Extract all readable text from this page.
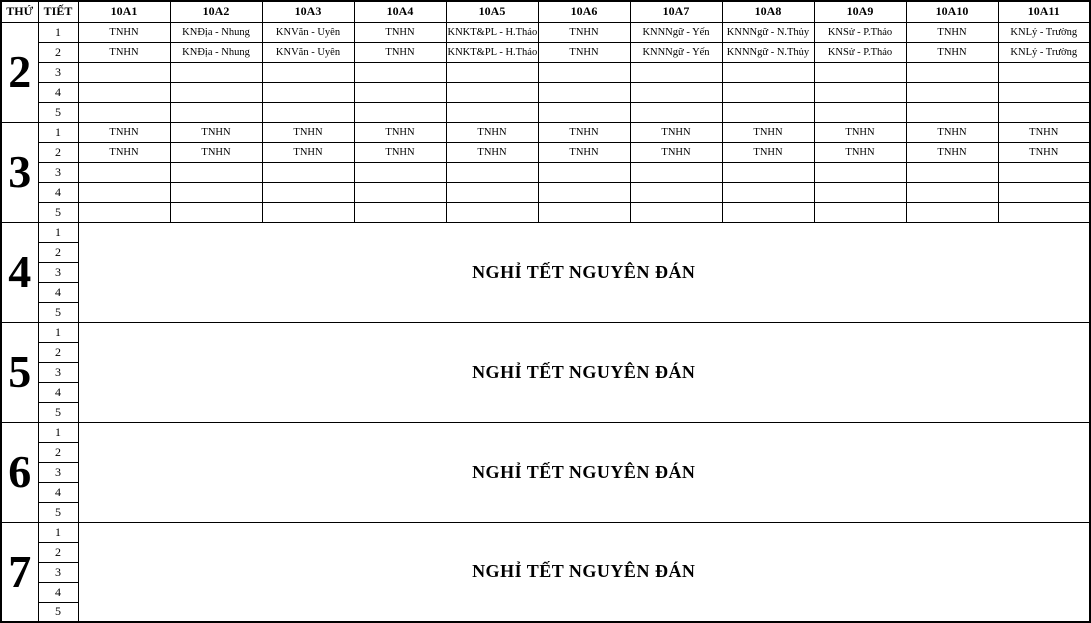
THỨ	TIẾT	10A1	10A2	10A3	10A4	10A5	10A6	10A7	10A8	10A9	10A10	10A11
2	1	TNHN	KNĐịa - Nhung	KNVăn - Uyên	TNHN	KNKT&PL - H.Thảo	TNHN	KNNNgữ - Yến	KNNNgữ - N.Thủy	KNSử - P.Thảo	TNHN	KNLý - Trường
	2	TNHN	KNĐịa - Nhung	KNVăn - Uyên	TNHN	KNKT&PL - H.Thảo	TNHN	KNNNgữ - Yến	KNNNgữ - N.Thủy	KNSử - P.Thảo	TNHN	KNLý - Trường
	3											
	4											
	5											
3	1	TNHN	TNHN	TNHN	TNHN	TNHN	TNHN	TNHN	TNHN	TNHN	TNHN	TNHN
	2	TNHN	TNHN	TNHN	TNHN	TNHN	TNHN	TNHN	TNHN	TNHN	TNHN	TNHN
	3											
	4											
	5											
4	1	NGHỈ TẾT NGUYÊN ĐÁN										
	2											
	3											
	4											
	5											
5	1	NGHỈ TẾT NGUYÊN ĐÁN										
	2											
	3											
	4											
	5											
6	1	NGHỈ TẾT NGUYÊN ĐÁN										
	2											
	3											
	4											
	5											
7	1	NGHỈ TẾT NGUYÊN ĐÁN										
	2											
	3											
	4											
	5											
